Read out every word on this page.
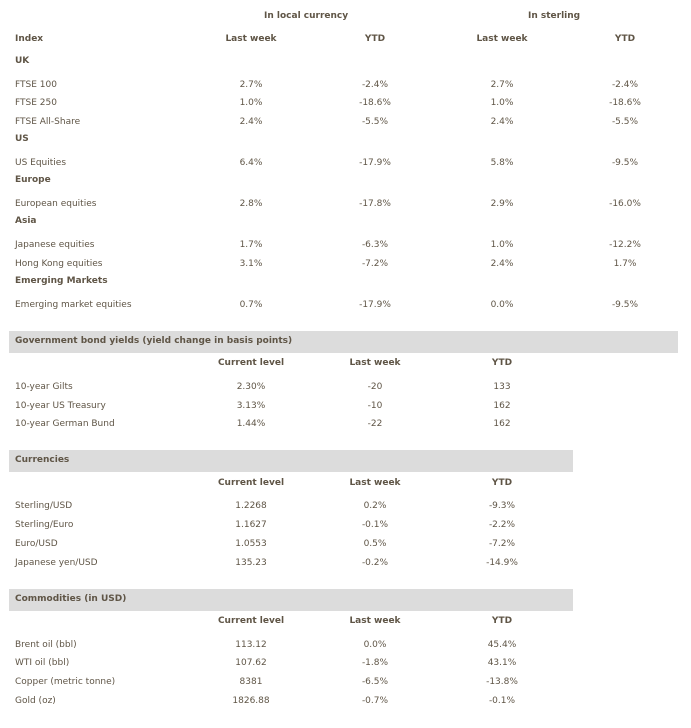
In local currency	In sterling
Index	Last week	YTD	Last week	YTD
UK
FTSE 100	2.7%	-2.4%	2.7%	-2.4%
FTSE 250	1.0%	-18.6%	1.0%	-18.6%
FTSE All-Share	2.4%	-5.5%	2.4%	-5.5%
US
US Equities	6.4%	-17.9%	5.8%	-9.5%
Europe
European equities	2.8%	-17.8%	2.9%	-16.0%
Asia
Japanese equities	1.7%	-6.3%	1.0%	-12.2%
Hong Kong equities	3.1%	-7.2%	2.4%	1.7%
Emerging Markets
Emerging market equities	0.7%	-17.9%	0.0%	-9.5%
Government bond yields (yield change in basis points)
Current level	Last week	YTD
10-year Gilts	2.30%	-20	133
10-year US Treasury	3.13%	-10	162
10-year German Bund	1.44%	-22	162
Currencies
Current level	Last week	YTD
Sterling/USD	1.2268	0.2%	-9.3%
Sterling/Euro	1.1627	-0.1%	-2.2%
Euro/USD	1.0553	0.5%	-7.2%
Japanese yen/USD	135.23	-0.2%	-14.9%
Commodities (in USD)
Current level	Last week	YTD
Brent oil (bbl)	113.12	0.0%	45.4%
WTI oil (bbl)	107.62	-1.8%	43.1%
Copper (metric tonne)	8381	-6.5%	-13.8%
Gold (oz)	1826.88	-0.7%	-0.1%
